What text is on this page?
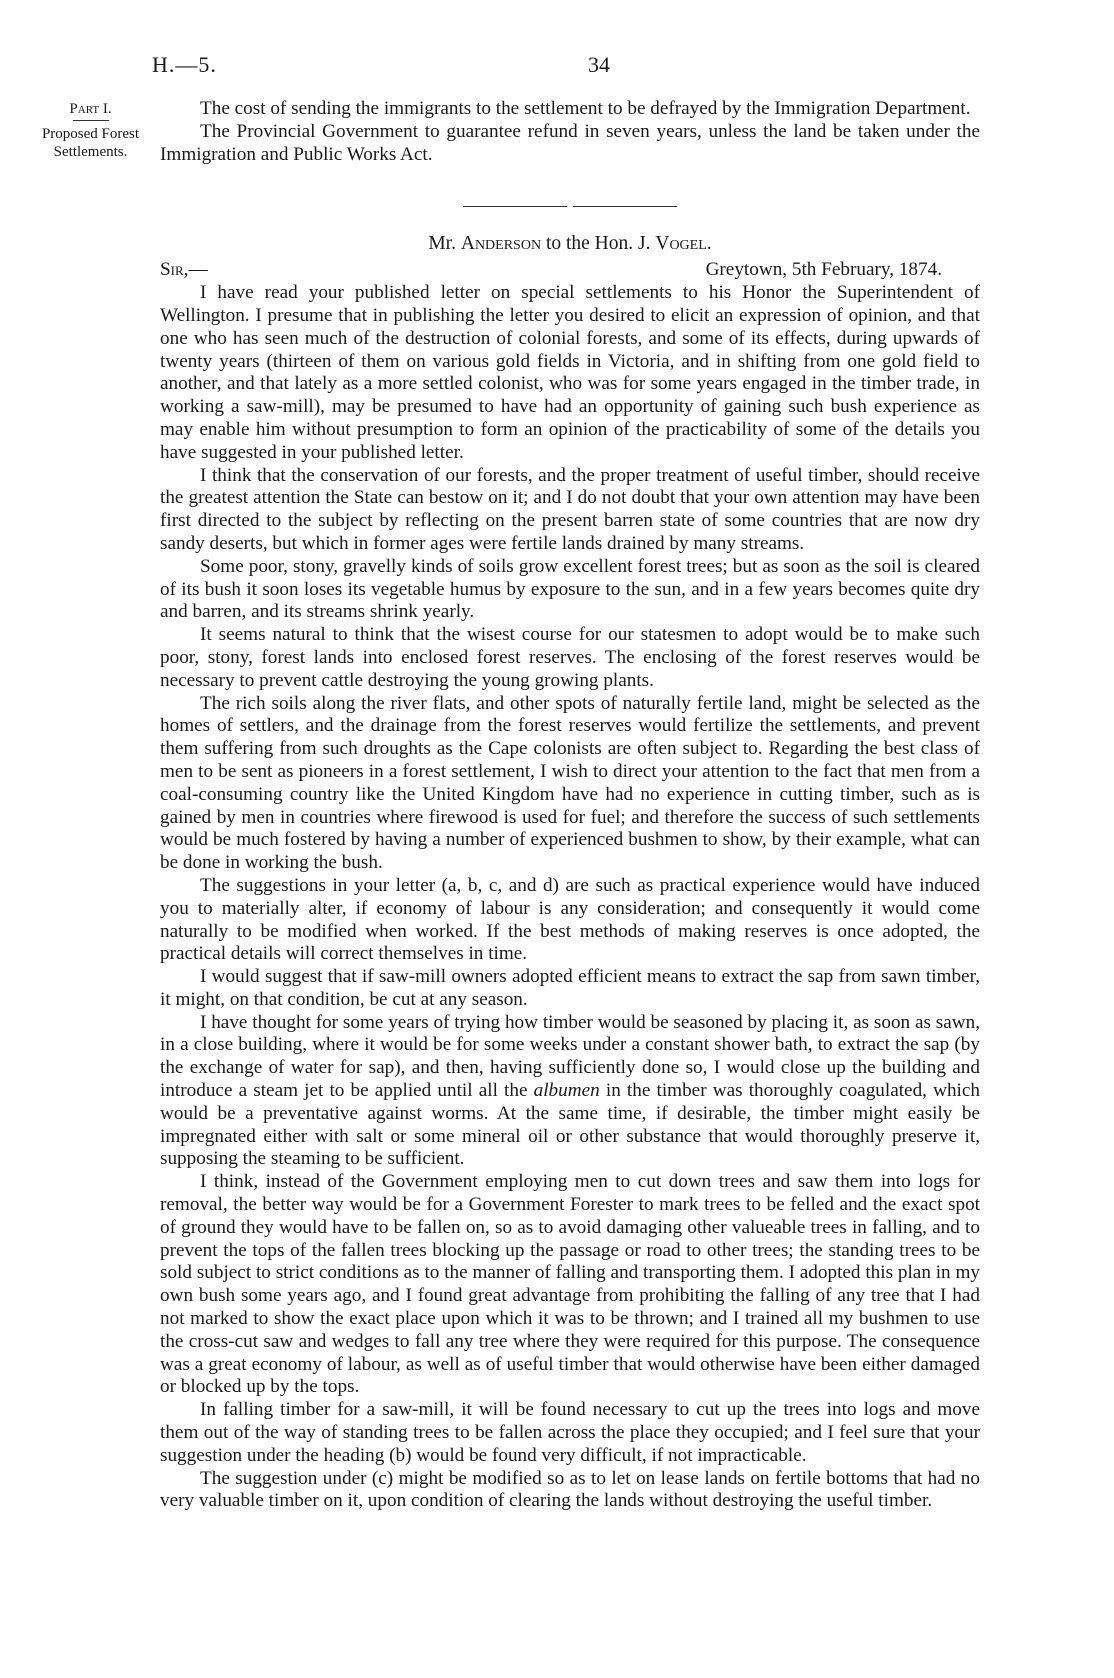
H.—5.	34
Part I.
Proposed Forest
Settlements.

The cost of sending the immigrants to the settlement to be defrayed by the Immigration Department.

The Provincial Government to guarantee refund in seven years, unless the land be taken under the Immigration and Public Works Act.

Mr. Anderson to the Hon. J. Vogel.
Sir,—	Greytown, 5th February, 1874.

I have read your published letter on special settlements to his Honor the Superintendent of Wellington. I presume that in publishing the letter you desired to elicit an expression of opinion, and that one who has seen much of the destruction of colonial forests, and some of its effects, during upwards of twenty years (thirteen of them on various gold fields in Victoria, and in shifting from one gold field to another, and that lately as a more settled colonist, who was for some years engaged in the timber trade, in working a saw-mill), may be presumed to have had an opportunity of gaining such bush experience as may enable him without presumption to form an opinion of the practicability of some of the details you have suggested in your published letter.

I think that the conservation of our forests, and the proper treatment of useful timber, should receive the greatest attention the State can bestow on it; and I do not doubt that your own attention may have been first directed to the subject by reflecting on the present barren state of some countries that are now dry sandy deserts, but which in former ages were fertile lands drained by many streams.

Some poor, stony, gravelly kinds of soils grow excellent forest trees; but as soon as the soil is cleared of its bush it soon loses its vegetable humus by exposure to the sun, and in a few years becomes quite dry and barren, and its streams shrink yearly.

It seems natural to think that the wisest course for our statesmen to adopt would be to make such poor, stony, forest lands into enclosed forest reserves. The enclosing of the forest reserves would be necessary to prevent cattle destroying the young growing plants.

The rich soils along the river flats, and other spots of naturally fertile land, might be selected as the homes of settlers, and the drainage from the forest reserves would fertilize the settlements, and prevent them suffering from such droughts as the Cape colonists are often subject to. Regarding the best class of men to be sent as pioneers in a forest settlement, I wish to direct your attention to the fact that men from a coal-consuming country like the United Kingdom have had no experience in cutting timber, such as is gained by men in countries where firewood is used for fuel; and therefore the success of such settlements would be much fostered by having a number of experienced bushmen to show, by their example, what can be done in working the bush.

The suggestions in your letter (a, b, c, and d) are such as practical experience would have induced you to materially alter, if economy of labour is any consideration; and consequently it would come naturally to be modified when worked. If the best methods of making reserves is once adopted, the practical details will correct themselves in time.

I would suggest that if saw-mill owners adopted efficient means to extract the sap from sawn timber, it might, on that condition, be cut at any season.

I have thought for some years of trying how timber would be seasoned by placing it, as soon as sawn, in a close building, where it would be for some weeks under a constant shower bath, to extract the sap (by the exchange of water for sap), and then, having sufficiently done so, I would close up the building and introduce a steam jet to be applied until all the albumen in the timber was thoroughly coagulated, which would be a preventative against worms. At the same time, if desirable, the timber might easily be impregnated either with salt or some mineral oil or other substance that would thoroughly preserve it, supposing the steaming to be sufficient.

I think, instead of the Government employing men to cut down trees and saw them into logs for removal, the better way would be for a Government Forester to mark trees to be felled and the exact spot of ground they would have to be fallen on, so as to avoid damaging other valueable trees in falling, and to prevent the tops of the fallen trees blocking up the passage or road to other trees; the standing trees to be sold subject to strict conditions as to the manner of falling and transporting them. I adopted this plan in my own bush some years ago, and I found great advantage from prohibiting the falling of any tree that I had not marked to show the exact place upon which it was to be thrown; and I trained all my bushmen to use the cross-cut saw and wedges to fall any tree where they were required for this purpose. The consequence was a great economy of labour, as well as of useful timber that would otherwise have been either damaged or blocked up by the tops.

In falling timber for a saw-mill, it will be found necessary to cut up the trees into logs and move them out of the way of standing trees to be fallen across the place they occupied; and I feel sure that your suggestion under the heading (b) would be found very difficult, if not impracticable.

The suggestion under (c) might be modified so as to let on lease lands on fertile bottoms that had no very valuable timber on it, upon condition of clearing the lands without destroying the useful timber.
